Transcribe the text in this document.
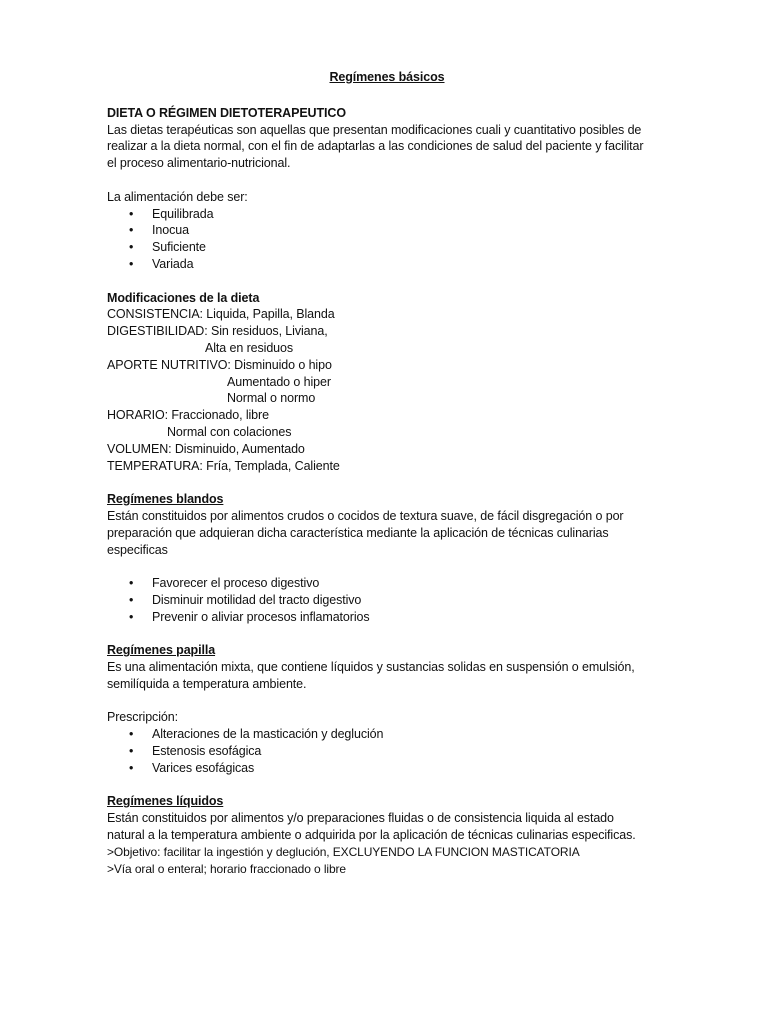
Regímenes básicos

DIETA O RÉGIMEN DIETOTERAPEUTICO

Las dietas terapéuticas son aquellas que presentan modificaciones cuali y cuantitativo posibles de

realizar a la dieta normal, con el fin de adaptarlas a las condiciones de salud del paciente y facilitar

el proceso alimentario-nutricional.

La alimentación debe ser:

• Equilibrada
• Inocua
• Suficiente
• Variada

Modificaciones de la dieta

CONSISTENCIA: Liquida, Papilla, Blanda

DIGESTIBILIDAD: Sin residuos, Liviana,

Alta en residuos

APORTE NUTRITIVO: Disminuido o hipo

Aumentado o hiper

Normal o normo

HORARIO: Fraccionado, libre

Normal con colaciones

VOLUMEN: Disminuido, Aumentado

TEMPERATURA: Fría, Templada, Caliente

Regímenes blandos

Están constituidos por alimentos crudos o cocidos de textura suave, de fácil disgregación o por

preparación que adquieran dicha característica mediante la aplicación de técnicas culinarias

especificas

• Favorecer el proceso digestivo
• Disminuir motilidad del tracto digestivo
• Prevenir o aliviar procesos inflamatorios

Regímenes papilla

Es una alimentación mixta, que contiene líquidos y sustancias solidas en suspensión o emulsión,

semilíquida a temperatura ambiente.

Prescripción:

• Alteraciones de la masticación y deglución
• Estenosis esofágica
• Varices esofágicas

Regímenes líquidos

Están constituidos por alimentos y/o preparaciones fluidas o de consistencia liquida al estado

natural a la temperatura ambiente o adquirida por la aplicación de técnicas culinarias especificas.

>Objetivo: facilitar la ingestión y deglución, EXCLUYENDO LA FUNCION MASTICATORIA

>Vía oral o enteral; horario fraccionado o libre
